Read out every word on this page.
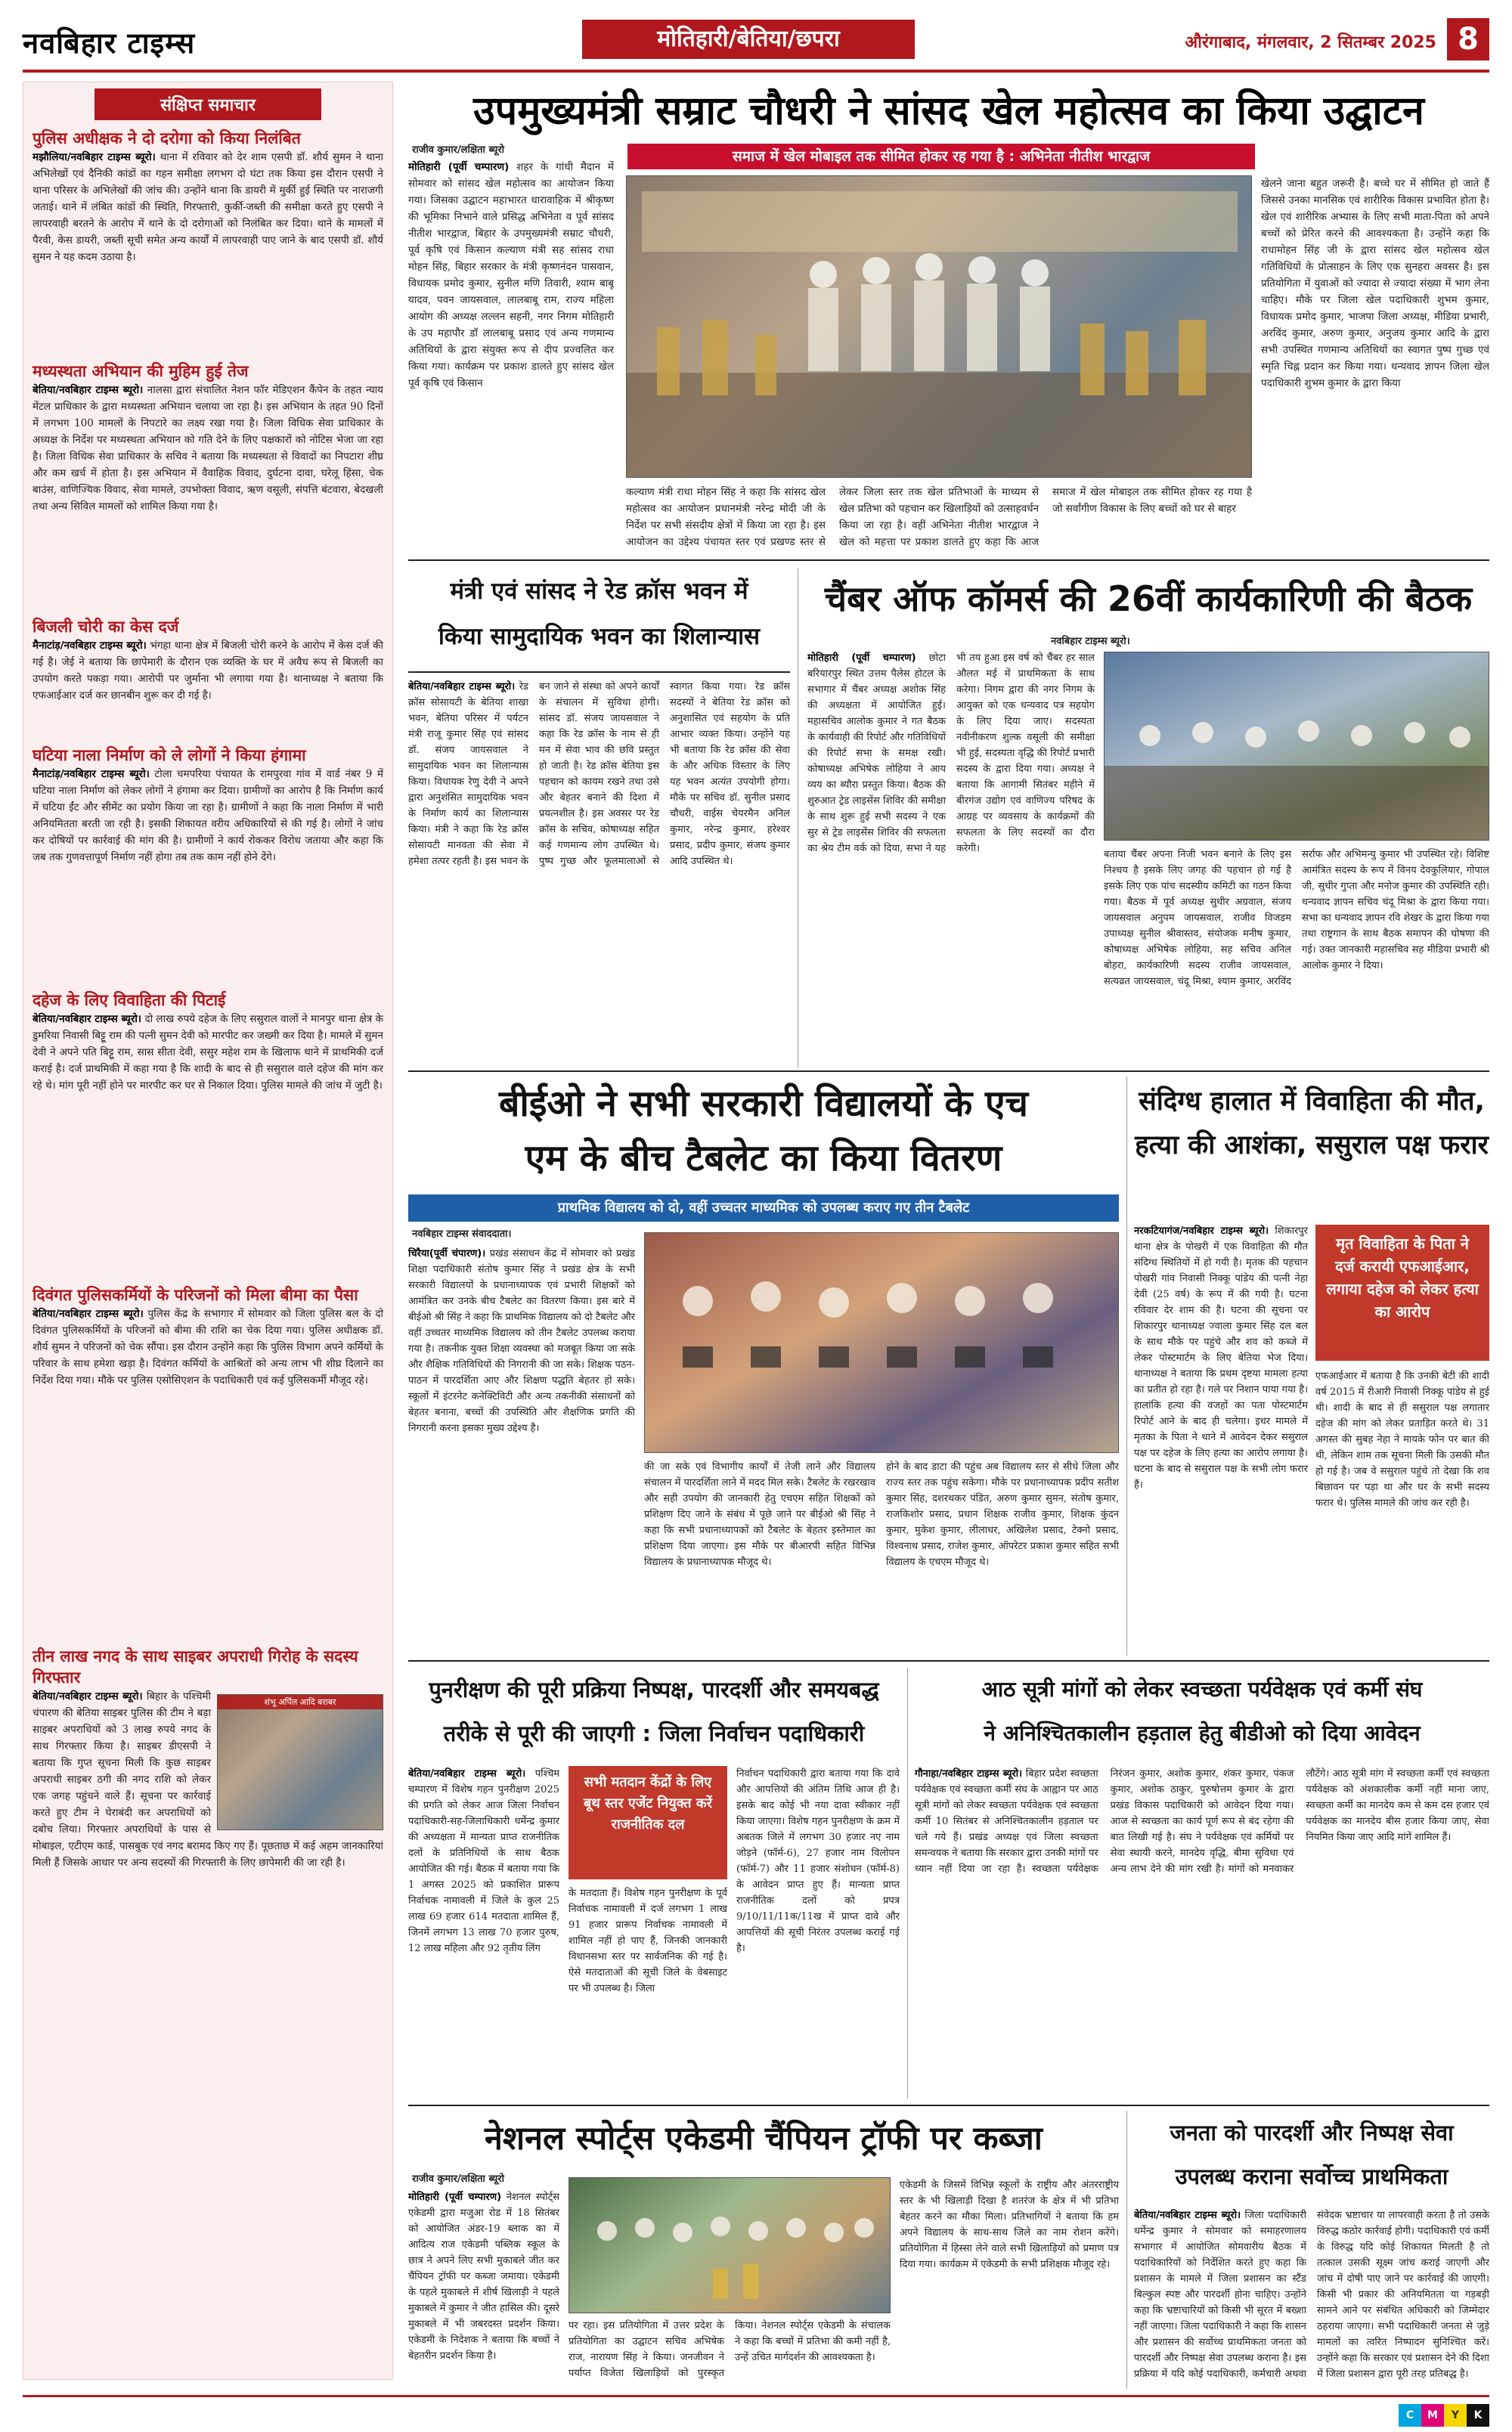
नवबिहार टाइम्स	मोतिहारी/बेतिया/छपरा	औरंगाबाद, मंगलवार, 2 सितम्बर 2025 8
संक्षिप्त समाचार
पुलिस अधीक्षक ने दो दरोगा को किया निलंबित
मझौलिया/नवबिहार टाइम्स ब्यूरो। थाना में रविवार को देर शाम एसपी डॉ. शौर्य सुमन ने थाना अभिलेखों एवं दैनिकी कांडों का गहन समीक्षा लगभग दो घंटा तक किया इस दौरान एसपी ने थाना परिसर के अभिलेखों की जांच की। उन्होंने थाना कि डायरी में मुर्की हुई स्थिति पर नाराजगी जताई। थाने में लंबित कांडों की स्थिति, गिरफ्तारी, कुर्की-जब्ती की समीक्षा करते हुए एसपी ने लापरवाही बरतने के आरोप में थाने के दो दरोगाओं को निलंबित कर दिया। थाने के मामलों में पैरवी, केस डायरी, जब्ती सूची समेत अन्य कार्यों में लापरवाही पाए जाने के बाद एसपी डॉ. शौर्य सुमन ने यह कदम उठाया है।
मध्यस्थता अभियान की मुहिम हुई तेज
बेतिया/नवबिहार टाइम्स ब्यूरो। नालसा द्वारा संचालित नेशन फॉर मेडिएशन कैंपेन के तहत न्याय मेंटल प्राधिकार के द्वारा मध्यस्थता अभियान चलाया जा रहा है। इस अभियान के तहत 90 दिनों में लगभग 100 मामलों के निपटारे का लक्ष्य रखा गया है। जिला विधिक सेवा प्राधिकार के अध्यक्ष के निर्देश पर मध्यस्थता अभियान को गति देने के लिए पक्षकारों को नोटिस भेजा जा रहा है। जिला विधिक सेवा प्राधिकार के सचिव ने बताया कि मध्यस्थता से विवादों का निपटारा शीघ्र और कम खर्च में होता है। इस अभियान में वैवाहिक विवाद, दुर्घटना दावा, घरेलू हिंसा, चेक बाउंस, वाणिज्यिक विवाद, सेवा मामले, उपभोक्ता विवाद, ऋण वसूली, संपत्ति बंटवारा, बेदखली तथा अन्य सिविल मामलों को शामिल किया गया है।
बिजली चोरी का केस दर्ज
मैनाटांड़/नवबिहार टाइम्स ब्यूरो। भंगहा थाना क्षेत्र में बिजली चोरी करने के आरोप में केस दर्ज की गई है। जेई ने बताया कि छापेमारी के दौरान एक व्यक्ति के घर में अवैध रूप से बिजली का उपयोग करते पकड़ा गया। आरोपी पर जुर्माना भी लगाया गया है। थानाध्यक्ष ने बताया कि एफआईआर दर्ज कर छानबीन शुरू कर दी गई है।
घटिया नाला निर्माण को ले लोगों ने किया हंगामा
मैनाटांड़/नवबिहार टाइम्स ब्यूरो। टोला चमपरिया पंचायत के रामपुरवा गांव में वार्ड नंबर 9 में घटिया नाला निर्माण को लेकर लोगों ने हंगामा कर दिया। ग्रामीणों का आरोप है कि निर्माण कार्य में घटिया ईंट और सीमेंट का प्रयोग किया जा रहा है। ग्रामीणों ने कहा कि नाला निर्माण में भारी अनियमितता बरती जा रही है। इसकी शिकायत वरीय अधिकारियों से की गई है। लोगों ने जांच कर दोषियों पर कार्रवाई की मांग की है। ग्रामीणों ने कार्य रोककर विरोध जताया और कहा कि जब तक गुणवत्तापूर्ण निर्माण नहीं होगा तब तक काम नहीं होने देंगे।
दहेज के लिए विवाहिता की पिटाई
बेतिया/नवबिहार टाइम्स ब्यूरो। दो लाख रुपये दहेज के लिए ससुराल वालों ने मानपुर थाना क्षेत्र के डुमरिया निवासी बिट्टू राम की पत्नी सुमन देवी को मारपीट कर जख्मी कर दिया है। मामले में सुमन देवी ने अपने पति बिट्टू राम, सास सीता देवी, ससुर महेश राम के खिलाफ थाने में प्राथमिकी दर्ज कराई है। दर्ज प्राथमिकी में कहा गया है कि शादी के बाद से ही ससुराल वाले दहेज की मांग कर रहे थे। मांग पूरी नहीं होने पर मारपीट कर घर से निकाल दिया। पुलिस मामले की जांच में जुटी है।
दिवंगत पुलिसकर्मियों के परिजनों को मिला बीमा का पैसा
बेतिया/नवबिहार टाइम्स ब्यूरो। पुलिस केंद्र के सभागार में सोमवार को जिला पुलिस बल के दो दिवंगत पुलिसकर्मियों के परिजनों को बीमा की राशि का चेक दिया गया। पुलिस अधीक्षक डॉ. शौर्य सुमन ने परिजनों को चेक सौंपा। इस दौरान उन्होंने कहा कि पुलिस विभाग अपने कर्मियों के परिवार के साथ हमेशा खड़ा है। दिवंगत कर्मियों के आश्रितों को अन्य लाभ भी शीघ्र दिलाने का निर्देश दिया गया। मौके पर पुलिस एसोसिएशन के पदाधिकारी एवं कई पुलिसकर्मी मौजूद रहे।
तीन लाख नगद के साथ साइबर अपराधी गिरोह के सदस्य गिरफ्तार
शंभू अर्पिल आदि बराबर
बेतिया/नवबिहार टाइम्स ब्यूरो। बिहार के पश्चिमी चंपारण की बेतिया साइबर पुलिस की टीम ने बड़ा साइबर अपराधियों को 3 लाख रुपये नगद के साथ गिरफ्तार किया है। साइबर डीएसपी ने बताया कि गुप्त सूचना मिली कि कुछ साइबर अपराधी साइबर ठगी की नगद राशि को लेकर एक जगह पहुंचने वाले हैं। सूचना पर कार्रवाई करते हुए टीम ने घेराबंदी कर अपराधियों को दबोच लिया। गिरफ्तार अपराधियों के पास से मोबाइल, एटीएम कार्ड, पासबुक एवं नगद बरामद किए गए हैं। पूछताछ में कई अहम जानकारियां मिली हैं जिसके आधार पर अन्य सदस्यों की गिरफ्तारी के लिए छापेमारी की जा रही है।
उपमुख्यमंत्री सम्राट चौधरी ने सांसद खेल महोत्सव का किया उद्घाटन
राजीव कुमार/लक्षिता ब्यूरो	समाज में खेल मोबाइल तक सीमित होकर रह गया है : अभिनेता नीतीश भारद्वाज
मोतिहारी (पूर्वी चम्पारण) शहर के गांधी मैदान में सोमवार को सांसद खेल महोत्सव का आयोजन किया गया। जिसका उद्घाटन महाभारत धारावाहिक में श्रीकृष्ण की भूमिका निभाने वाले प्रसिद्ध अभिनेता व पूर्व सांसद नीतीश भारद्वाज, बिहार के उपमुख्यमंत्री सम्राट चौधरी, पूर्व कृषि एवं किसान कल्याण मंत्री सह सांसद राधा मोहन सिंह, बिहार सरकार के मंत्री कृष्णनंदन पासवान, विधायक प्रमोद कुमार, सुनील मणि तिवारी, श्याम बाबू यादव, पवन जायसवाल, लालबाबू राम, राज्य महिला आयोग की अध्यक्ष लल्लन सहनी, नगर निगम मोतिहारी के उप महापौर डॉ लालबाबू प्रसाद एवं अन्य गणमान्य अतिथियों के द्वारा संयुक्त रूप से दीप प्रज्वलित कर किया गया। कार्यक्रम पर प्रकाश डालते हुए सांसद खेल पूर्व कृषि एवं किसान
कल्याण मंत्री राधा मोहन सिंह ने कहा कि सांसद खेल महोत्सव का आयोजन प्रधानमंत्री नरेन्द्र मोदी जी के निर्देश पर सभी संसदीय क्षेत्रों में किया जा रहा है। इस आयोजन का उद्देश्य पंचायत स्तर एवं प्रखण्ड स्तर से लेकर जिला स्तर तक खेल प्रतिभाओं के माध्यम से खेल प्रतिभा को पहचान कर खिलाड़ियों को उत्साहवर्धन किया जा रहा है। वहीं अभिनेता नीतीश भारद्वाज ने खेल को महत्ता पर प्रकाश डालते हुए कहा कि आज समाज में खेल मोबाइल तक सीमित होकर रह गया है जो सर्वांगीण विकास के लिए बच्चों को घर से बाहर
खेलने जाना बहुत जरूरी है। बच्चे घर में सीमित हो जाते हैं जिससे उनका मानसिक एवं शारीरिक विकास प्रभावित होता है। खेल एवं शारीरिक अभ्यास के लिए सभी माता-पिता को अपने बच्चों को प्रेरित करने की आवश्यकता है। उन्होंने कहा कि राधामोहन सिंह जी के द्वारा सांसद खेल महोत्सव खेल गतिविधियों के प्रोत्साहन के लिए एक सुनहरा अवसर है। इस प्रतियोगिता में युवाओं को ज्यादा से ज्यादा संख्या में भाग लेना चाहिए। मौके पर जिला खेल पदाधिकारी शुभम कुमार, विधायक प्रमोद कुमार, भाजपा जिला अध्यक्ष, मीडिया प्रभारी, अरविंद कुमार, अरुण कुमार, अनुजय कुमार आदि के द्वारा सभी उपस्थित गणमान्य अतिथियों का स्वागत पुष्प गुच्छ एवं स्मृति चिह्न प्रदान कर किया गया। धन्यवाद ज्ञापन जिला खेल पदाधिकारी शुभम कुमार के द्वारा किया
मंत्री एवं सांसद ने रेड क्रॉस भवन में
किया सामुदायिक भवन का शिलान्यास
बेतिया/नवबिहार टाइम्स ब्यूरो। रेड क्रॉस सोसायटी के बेतिया शाखा भवन, बेतिया परिसर में पर्यटन मंत्री राजू कुमार सिंह एवं सांसद डॉ. संजय जायसवाल ने सामुदायिक भवन का शिलान्यास किया। विधायक रेणु देवी ने अपने द्वारा अनुशंसित सामुदायिक भवन के निर्माण कार्य का शिलान्यास किया। मंत्री ने कहा कि रेड क्रॉस सोसायटी मानवता की सेवा में हमेशा तत्पर रहती है। इस भवन के बन जाने से संस्था को अपने कार्यों के संचालन में सुविधा होगी। सांसद डॉ. संजय जायसवाल ने कहा कि रेड क्रॉस के नाम से ही मन में सेवा भाव की छवि प्रस्तुत हो जाती है। रेड क्रॉस बेतिया इस पहचान को कायम रखने तथा उसे और बेहतर बनाने की दिशा में प्रयत्नशील है। इस अवसर पर रेड क्रॉस के सचिव, कोषाध्यक्ष सहित कई गणमान्य लोग उपस्थित थे। पुष्प गुच्छ और फूलमालाओं से स्वागत किया गया। रेड क्रॉस सदस्यों ने बेतिया रेड क्रॉस को अनुशासित एवं सहयोग के प्रति आभार व्यक्त किया। उन्होंने यह भी बताया कि रेड क्रॉस की सेवा के और अधिक विस्तार के लिए यह भवन अत्यंत उपयोगी होगा। मौके पर सचिव डॉ. सुनील प्रसाद चौधरी, वाईस चेयरमैन अनिल कुमार, नरेन्द्र कुमार, हरेश्वर प्रसाद, प्रदीप कुमार, संजय कुमार आदि उपस्थित थे।
चैंबर ऑफ कॉमर्स की 26वीं कार्यकारिणी की बैठक
नवबिहार टाइम्स ब्यूरो।
मोतिहारी (पूर्वी चम्पारण) छोटा बरियारपुर स्थित उत्तम पैलेस होटल के सभागार में चैंबर अध्यक्ष अशोक सिंह की अध्यक्षता में आयोजित हुई। महासचिव आलोक कुमार ने गत बैठक के कार्यवाही की रिपोर्ट और गतिविधियों की रिपोर्ट सभा के समक्ष रखी। कोषाध्यक्ष अभिषेक लोहिया ने आय व्यय का ब्यौरा प्रस्तुत किया। बैठक की शुरुआत ट्रेड लाइसेंस शिविर की समीक्षा के साथ शुरू हुई सभी सदस्य ने एक सुर से ट्रेड लाइसेंस शिविर की सफलता का श्रेय टीम वर्क को दिया, सभा ने यह भी तय हुआ इस वर्ष को चैंबर हर साल औलत मई में प्राथमिकता के साथ करेगा। निगम द्वारा की नगर निगम के आयुक्त को एक धन्यवाद पत्र सहयोग के लिए दिया जाए। सदस्यता नवीनीकरण शुल्क वसूली की समीक्षा भी हुई, सदस्यता वृद्धि की रिपोर्ट प्रभारी सदस्य के द्वारा दिया गया। अध्यक्ष ने बताया कि आगामी सितंबर महीने में बीरगंज उद्योग एवं वाणिज्य परिषद के आग्रह पर व्यवसाय के कार्यक्रमों की सफलता के लिए सदस्यों का दौरा करेगी।
बताया चैंबर अपना निजी भवन बनाने के लिए इस निश्चय है इसके लिए जगह की पहचान हो गई है इसके लिए एक पांच सदस्यीय कमिटी का गठन किया गया। बैठक में पूर्व अध्यक्ष सुधीर अग्रवाल, संजय जायसवाल अनुपम जायसवाल, राजीव विजडम उपाध्यक्ष सुनील श्रीवास्तव, संयोजक मनीष कुमार, कोषाध्यक्ष अभिषेक लोहिया, सह सचिव अनिल बोहरा, कार्यकारिणी सदस्य राजीव जायसवाल, सत्यव्रत जायसवाल, चंदू मिश्रा, श्याम कुमार, अरविंद सर्राफ और अभिमन्यु कुमार भी उपस्थित रहे। विशिष्ट आमंत्रित सदस्य के रूप में विनय देवकुलियार, गोपाल जी, सुधीर गुप्ता और मनोज कुमार की उपस्थिति रही। धन्यवाद ज्ञापन सचिव चंदू मिश्रा के द्वारा किया गया। सभा का धन्यवाद ज्ञापन रवि शेखर के द्वारा किया गया तथा राष्ट्रगान के साथ बैठक समापन की घोषणा की गई। उक्त जानकारी महासचिव सह मीडिया प्रभारी श्री आलोक कुमार ने दिया।
बीईओ ने सभी सरकारी विद्यालयों के एच
एम के बीच टैबलेट का किया वितरण
प्राथमिक विद्यालय को दो, वहीं उच्चतर माध्यमिक को उपलब्ध कराए गए तीन टैबलेट
नवबिहार टाइम्स संवाददाता।
चिरैया(पूर्वी चंपारण)। प्रखंड संसाधन केंद्र में सोमवार को प्रखंड शिक्षा पदाधिकारी संतोष कुमार सिंह ने प्रखंड क्षेत्र के सभी सरकारी विद्यालयों के प्रधानाध्यापक एवं प्रभारी शिक्षकों को आमंत्रित कर उनके बीच टैबलेट का वितरण किया। इस बारे में बीईओ श्री सिंह ने कहा कि प्राथमिक विद्यालय को दो टैबलेट और वहीं उच्चतर माध्यमिक विद्यालय को तीन टैबलेट उपलब्ध कराया गया है। तकनीक युक्त शिक्षा व्यवस्था को मजबूत किया जा सके और शैक्षिक गतिविधियों की निगरानी की जा सके। शिक्षक पठन-पाठन में पारदर्शिता आए और शिक्षण पद्धति बेहतर हो सके। स्कूलों में इंटरनेट कनेक्टिविटी और अन्य तकनीकी संसाधनों को बेहतर बनाना, बच्चों की उपस्थिति और शैक्षणिक प्रगति की निगरानी करना इसका मुख्य उद्देश्य है।
की जा सके एवं विभागीय कार्यों में तेजी लाने और विद्यालय संचालन में पारदर्शिता लाने में मदद मिल सके। टैबलेट के रखरखाव और सही उपयोग की जानकारी हेतु एचएम सहित शिक्षकों को प्रशिक्षण दिए जाने के संबंध में पूछे जाने पर बीईओ श्री सिंह ने कहा कि सभी प्रधानाध्यापकों को टैबलेट के बेहतर इस्तेमाल का प्रशिक्षण दिया जाएगा। इस मौके पर बीआरपी सहित विभिन्न विद्यालय के प्रधानाध्यापक मौजूद थे।
होने के बाद डाटा की पहुंच अब विद्यालय स्तर से सीधे जिला और राज्य स्तर तक पहुंच सकेगा। मौके पर प्रधानाध्यापक प्रदीप सतीश कुमार सिंह, दशरथकर पंडित, अरुण कुमार सुमन, संतोष कुमार, राजकिशोर प्रसाद, प्रधान शिक्षक राजीव कुमार, शिक्षक कुंदन कुमार, मुकेश कुमार, लीलाधर, अखिलेश प्रसाद, टेक्नो प्रसाद, विश्वनाथ प्रसाद, राजेश कुमार, ऑपरेटर प्रकाश कुमार सहित सभी विद्यालय के एचएम मौजूद थे।
संदिग्ध हालात में विवाहिता की मौत, हत्या की आशंका, ससुराल पक्ष फरार
नरकटियागंज/नवबिहार टाइम्स ब्यूरो। शिकारपुर थाना क्षेत्र के पोखरी में एक विवाहिता की मौत संदिग्ध स्थितियों में हो गयी है। मृतक की पहचान पोखरी गांव निवासी निक्कू पांडेय की पत्नी नेहा देवी (25 वर्ष) के रूप में की गयी है। घटना रविवार देर शाम की है। घटना की सूचना पर शिकारपुर थानाध्यक्ष ज्वाला कुमार सिंह दल बल के साथ मौके पर पहुंचे और शव को कब्जे में लेकर पोस्टमार्टम के लिए बेतिया भेज दिया। थानाध्यक्ष ने बताया कि प्रथम दृष्टया मामला हत्या का प्रतीत हो रहा है। गले पर निशान पाया गया है। हालांकि हत्या की वजहों का पता पोस्टमार्टम रिपोर्ट आने के बाद ही चलेगा। इधर मामले में मृतका के पिता ने थाने में आवेदन देकर ससुराल पक्ष पर दहेज के लिए हत्या का आरोप लगाया है। घटना के बाद से ससुराल पक्ष के सभी लोग फरार हैं।
मृत विवाहिता के पिता ने दर्ज करायी एफआईआर, लगाया दहेज को लेकर हत्या का आरोप
एफआईआर में बताया है कि उनकी बेटी की शादी वर्ष 2015 में रीआरी निवासी निक्कू पांडेय से हुई थी। शादी के बाद से ही ससुराल पक्ष लगातार दहेज की मांग को लेकर प्रताड़ित करते थे। 31 अगस्त की सुबह नेहा ने मायके फोन पर बात की थी, लेकिन शाम तक सूचना मिली कि उसकी मौत हो गई है। जब वे ससुराल पहुंचे तो देखा कि शव बिछावन पर पड़ा था और घर के सभी सदस्य फरार थे। पुलिस मामले की जांच कर रही है।
पुनरीक्षण की पूरी प्रक्रिया निष्पक्ष, पारदर्शी और समयबद्ध
तरीके से पूरी की जाएगी : जिला निर्वाचन पदाधिकारी
बेतिया/नवबिहार टाइम्स ब्यूरो। पश्चिम चम्पारण में विशेष गहन पुनरीक्षण 2025 की प्रगति को लेकर आज जिला निर्वाचन पदाधिकारी-सह-जिलाधिकारी धर्मेन्द्र कुमार की अध्यक्षता में मान्यता प्राप्त राजनीतिक दलों के प्रतिनिधियों के साथ बैठक आयोजित की गई। बैठक में बताया गया कि 1 अगस्त 2025 को प्रकाशित प्रारूप निर्वाचक नामावली में जिले के कुल 25 लाख 69 हजार 614 मतदाता शामिल हैं, जिनमें लगभग 13 लाख 70 हजार पुरुष, 12 लाख महिला और 92 तृतीय लिंग
सभी मतदान केंद्रों के लिए बूथ स्तर एजेंट नियुक्त करें राजनीतिक दल
के मतदाता हैं। विशेष गहन पुनरीक्षण के पूर्व निर्वाचक नामावली में दर्ज लगभग 1 लाख 91 हजार प्रारूप निर्वाचक नामावली में शामिल नहीं हो पाए हैं, जिनकी जानकारी विधानसभा स्तर पर सार्वजनिक की गई है। ऐसे मतदाताओं की सूची जिले के वेबसाइट पर भी उपलब्ध है। जिला
निर्वाचन पदाधिकारी द्वारा बताया गया कि दावे और आपत्तियों की अंतिम तिथि आज ही है। इसके बाद कोई भी नया दावा स्वीकार नहीं किया जाएगा। विशेष गहन पुनरीक्षण के क्रम में अबतक जिले में लगभग 30 हजार नए नाम जोड़ने (फॉर्म-6), 27 हजार नाम विलोपन (फॉर्म-7) और 11 हजार संशोधन (फॉर्म-8) के आवेदन प्राप्त हुए हैं। मान्यता प्राप्त राजनीतिक दलों को प्रपत्र 9/10/11/11क/11ख में प्राप्त दावे और आपत्तियों की सूची निरंतर उपलब्ध कराई गई है।
आठ सूत्री मांगों को लेकर स्वच्छता पर्यवेक्षक एवं कर्मी संघ
ने अनिश्चितकालीन हड़ताल हेतु बीडीओ को दिया आवेदन
गौनाहा/नवबिहार टाइम्स ब्यूरो। बिहार प्रदेश स्वच्छता पर्यवेक्षक एवं स्वच्छता कर्मी संघ के आह्वान पर आठ सूत्री मांगों को लेकर स्वच्छता पर्यवेक्षक एवं स्वच्छता कर्मी 10 सितंबर से अनिश्चितकालीन हड़ताल पर चले गये हैं। प्रखंड अध्यक्ष एवं जिला स्वच्छता समन्वयक ने बताया कि सरकार द्वारा उनकी मांगों पर ध्यान नहीं दिया जा रहा है। स्वच्छता पर्यवेक्षक निरंजन कुमार, अशोक कुमार, शंकर कुमार, पंकज कुमार, अशोक ठाकुर, पुरुषोत्तम कुमार के द्वारा प्रखंड विकास पदाधिकारी को आवेदन दिया गया। आज से स्वच्छता का कार्य पूर्ण रूप से बंद रहेगा की बात लिखी गई है। संघ ने पर्यवेक्षक एवं कर्मियों पर सेवा स्थायी करने, मानदेय वृद्धि, बीमा सुविधा एवं अन्य लाभ देने की मांग रखी है। मांगों को मनवाकर लौटेंगे। आठ सूत्री मांग में स्वच्छता कर्मी एवं स्वच्छता पर्यवेक्षक को अंशकालीक कर्मी नहीं माना जाए, स्वच्छता कर्मी का मानदेय कम से कम दस हजार एवं पर्यवेक्षक का मानदेय बीस हजार किया जाए, सेवा नियमित किया जाए आदि मांगें शामिल हैं।
नेशनल स्पोर्ट्स एकेडमी चैंपियन ट्रॉफी पर कब्जा
राजीव कुमार/लक्षिता ब्यूरो
मोतिहारी (पूर्वी चम्पारण) नेशनल स्पोर्ट्स एकेडमी द्वारा मजुआ रोड में 18 सितंबर को आयोजित अंडर-19 ब्लाक का में आदित्य राज एकेडमी पब्लिक स्कूल के छात्र ने अपने लिए सभी मुकाबले जीत कर चैंपियन ट्रॉफी पर कब्जा जमाया। एकेडमी के पहले मुकाबले में शीर्ष खिलाड़ी ने पहले मुकाबले में कुमार ने जीत हासिल की। दूसरे मुकाबले में भी जबरदस्त प्रदर्शन किया। एकेडमी के निदेशक ने बताया कि बच्चों ने बेहतरीन प्रदर्शन किया है।
पर रहा। इस प्रतियोगिता में उत्तर प्रदेश के प्रतियोगिता का उद्घाटन सचिव अभिषेक राज, नारायण सिंह ने किया। जनजीवन ने पर्याप्त विजेता खिलाड़ियों को पुरस्कृत किया। नेशनल स्पोर्ट्स एकेडमी के संचालक ने कहा कि बच्चों में प्रतिभा की कमी नहीं है, उन्हें उचित मार्गदर्शन की आवश्यकता है।
एकेडमी के जिसमें विभिन्न स्कूलों के राष्ट्रीय और अंतरराष्ट्रीय स्तर के भी खिलाड़ी दिखा है शतरंज के क्षेत्र में भी प्रतिभा बेहतर करने का मौका मिला। प्रतिभागियों ने बताया कि हम अपने विद्यालय के साथ-साथ जिले का नाम रोशन करेंगे। प्रतियोगिता में हिस्सा लेने वाले सभी खिलाड़ियों को प्रमाण पत्र दिया गया। कार्यक्रम में एकेडमी के सभी प्रशिक्षक मौजूद रहे।
जनता को पारदर्शी और निष्पक्ष सेवा
उपलब्ध कराना सर्वोच्च प्राथमिकता
बेतिया/नवबिहार टाइम्स ब्यूरो। जिला पदाधिकारी धर्मेन्द्र कुमार ने सोमवार को समाहरणालय सभागार में आयोजित सोमवारीय बैठक में पदाधिकारियों को निर्देशित करते हुए कहा कि प्रशासन के मामले में जिला प्रशासन का स्टैंड बिल्कुल स्पष्ट और पारदर्शी होना चाहिए। उन्होंने कहा कि भ्रष्टाचारियों को किसी भी सूरत में बख्शा नहीं जाएगा। जिला पदाधिकारी ने कहा कि शासन और प्रशासन की सर्वोच्च प्राथमिकता जनता को पारदर्शी और निष्पक्ष सेवा उपलब्ध कराना है। इस प्रक्रिया में यदि कोई पदाधिकारी, कर्मचारी अथवा संवेदक भ्रष्टाचार या लापरवाही करता है तो उसके विरुद्ध कठोर कार्रवाई होगी। पदाधिकारी एवं कर्मी के विरुद्ध यदि कोई शिकायत मिलती है तो तत्काल उसकी सूक्ष्म जांच कराई जाएगी और जांच में दोषी पाए जाने पर कार्रवाई की जाएगी। किसी भी प्रकार की अनियमितता या गड़बड़ी सामने आने पर संबंधित अधिकारी को जिम्मेदार ठहराया जाएगा। सभी पदाधिकारी जनता से जुड़े मामलों का त्वरित निष्पादन सुनिश्चित करें। उन्होंने कहा कि सरकार एवं प्रशासन देने की दिशा में जिला प्रशासन द्वारा पूरी तरह प्रतिबद्ध है।
C M Y K
